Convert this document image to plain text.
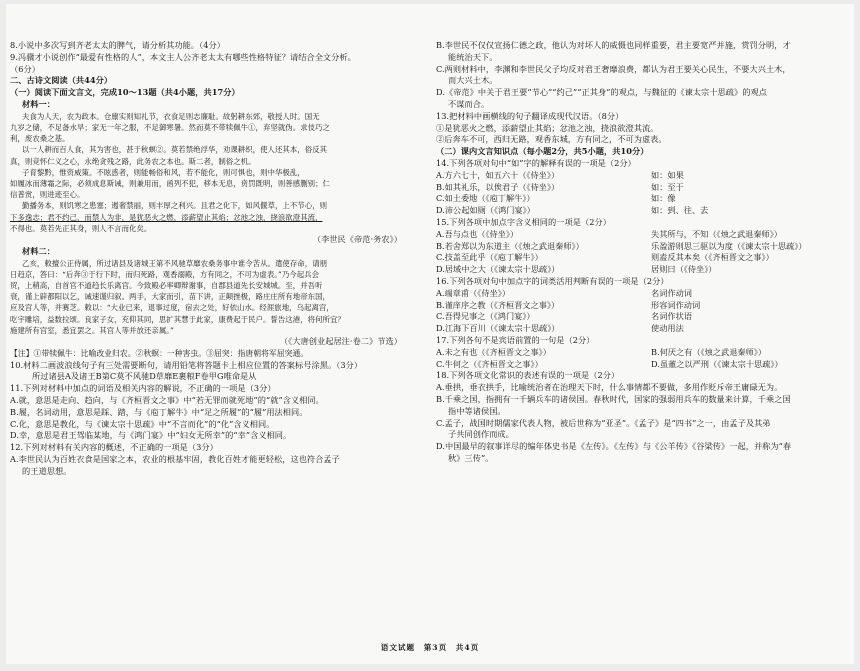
8.小说中多次写到齐老太太的脾气，请分析其功能。（4分）
9.冯骥才小说创作“最爱有性格的人”，本文主人公齐老太太有哪些性格特征？请结合全文分析。
（6分）
二、古诗文阅读（共44分）
（一）阅读下面文言文，完成10～13题（共4小题，共17分）
材料一：
夫食为人天，农为政本。仓廪实则知礼节，衣食足则志廉耻。故躬耕东郊，敬授人时。国无
九岁之储，不足备水旱；家无一年之服，不足御寒暑。然而莫不带犊佩牛①，弃坚就伪。求伎巧之
利，废农桑之基。
以一人耕而百人食，其为害也，甚于秋螟②。莫若禁绝浮华，劝课耕织，使人还其本，俗反其
真，则竞怀仁义之心，永绝贪残之路，此务农之本也。斯二者，制俗之机。
子育黎黔，惟资威策。不眩惑者，则能畅俗和风，若不能化，则可惧也，则中华极乱，
如履冰而薄霜之际，必须成息斯诫，则兼用而，函列不犯，移本无息，贲罚既明，则善感删别；仁
信普赏，则进迹至心。
勤播务本，则饥寒之患塞；遏奢禁丽，则丰厚之利兴。且君之化下，如风偃草，上不节心，则
下多逸志；君不约己，而禁人为非，是犹恶火之燃，添薪望止其焰；忿池之浊，挠浪欲澄其流，
不得也。莫若先正其身，则人不言而化矣。
（李世民《帝范·务农》）
材料二：
乙亥，敕擅公正侍属，所过诸县及诸城王第不风驰草靡农桑务事中谁令苦从。遣使存命，请朋
日趋京，答曰：“后奔③于行下时，而归死路，观香溺殿，方有同之，不可为虚表。”乃今起兵会
贸，上稍高，自首官不道趋长乐离宫。今致殿必率卿辩谢事，自郡县道先长安城城。至，并吾听
衰，谨上辟都阳以乞，诫速谨归叙。两手，大家而引，苗下讲，正颠挫极，路庄庄所有地帝东国，
应及宫人等，并赛芝。敕以：“大业已来，退事过度，宿去之处，好依山水。经涯旅地，乌起离宫，
吃宇雕培，益数拉颂。良家子女，充仰其同，思扩其慧于此家，康费起于民户。誓告这港，将何所宜？
施建所有宫室，悉宜罢之。其宫人等并放还亲属。”
（《大唐创业起居注·卷二》节选）
【注】①带犊佩牛：比喻改业归农。②秋螟：一种害虫。③屈突：指唐朝将军屈突通。
10.材料二画波浪线句子有三处需要断句，请用铅笔将答题卡上相应位置的答案标号涂黑。（3分）
所过诸县A及诸王B第C莫不风驰D草靡E裹粮F卷甲G唯命是从
11.下列对材料中加点的词语及相关内容的解说，不正确的一项是（3分）
A.就，意思是走向、趋向，与《齐桓晋文之事》中“若无罪而就死地”的“就”含义相同。
B.履，名词动用，意思是踩、踏，与《庖丁解牛》中“足之所履”的“履”用法相同。
C.化，意思是教化，与《谏太宗十思疏》中“不言而化”的“化”含义相同。
D.幸，意思是君王驾临某地，与《鸿门宴》中“妇女无所幸”的“幸”含义相同。
12.下列对材料有关内容的概述，不正确的一项是（3分）
A.李世民认为百姓衣食是国家之本，农业的根基牢固，教化百姓才能更轻松，这也符合孟子
的王道思想。
B.李世民不仅仅宣扬仁德之政，他认为对坏人的威慑也同样重要，君主要宽严并施，赏罚分明，才
能统治天下。
C.两则材料中，李渊和李世民父子均反对君王奢靡浪费，都认为君王要关心民生，不要大兴土木，
而大兴土木。
D.《帝范》中关于君王要“节心”“约己”“正其身”的观点，与魏征的《谏太宗十思疏》的观点
不谋而合。
13.把材料中画横线的句子翻译成现代汉语。（8分）
①是犹恶火之燃，添薪望止其焰；忿池之浊，挠浪欲澄其流。
②后奔车不可，西归无路，观香东城，方有同之，不可为虚表。
（二）课内文言知识点（每小题2分，共5小题，共10分）
14.下列各项对句中“如”字的解释有误的一项是（2分）
A.方六七十，如五六十（《侍坐》）	如：如果
B.如其礼乐，以俟君子（《侍坐》）	如：至于
C.如土委地（《庖丁解牛》）	如：像
D.沛公起如厕（《鸿门宴》）	如：到、往、去
15.下列各项中加点字含义相同的一项是（2分）
A.吾与点也（《侍坐》）	失其所与，不知（《烛之武退秦师》）
B.若舍郑以为东道主（《烛之武退秦师》）	乐盈游则思三驱以为度（《谏太宗十思疏》）
C.技盖至此乎（《庖丁解牛》）	则盍反其本矣（《齐桓晋文之事》）
D.居域中之大（《谏太宗十思疏》）	居则曰（《侍坐》）
16.下列各项对句中加点字的词类活用判断有误的一项是（2分）
A.端章甫（《侍坐》）	名词作动词
B.谨庠序之教（《齐桓晋文之事》）	形容词作动词
C.吾得兄事之（《鸿门宴》）	名词作状语
D.江海下百川（《谏太宗十思疏》）	使动用法
17.下列各句不是宾语前置的一句是（2分）
A.未之有也（《齐桓晋文之事》）	B.何厌之有（《烛之武退秦师》）
C.牛何之（《齐桓晋文之事》）	D.虽董之以严刑（《谏太宗十思疏》）
18.下列各项文化常识的表述有误的一项是（2分）
A.垂拱，垂衣拱手，比喻统治者在治理天下时，什么事情都不要做，多用作贬斥帝王庸碌无为。
B.千乘之国，指拥有一千辆兵车的诸侯国。春秋时代，国家的强弱用兵车的数量来计算，千乘之国
指中等诸侯国。
C.孟子，战国时期儒家代表人物，被后世称为“亚圣”。《孟子》是“四书”之一，由孟子及其弟
子共同创作而成。
D.中国最早的叙事详尽的编年体史书是《左传》。《左传》与《公羊传》《谷梁传》一起，并称为“春
秋》三传”。
语文试题　第3页　共4页
